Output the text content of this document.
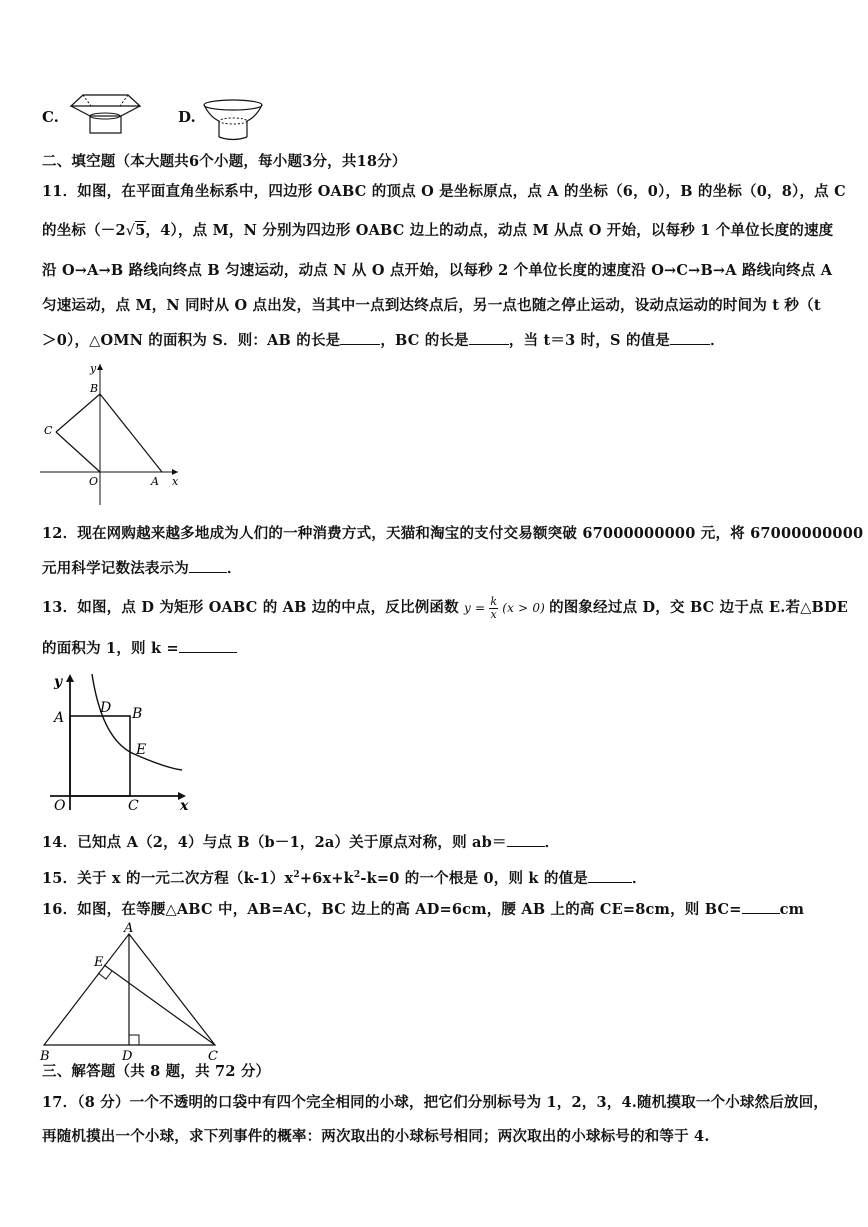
C.	D.
二、填空题（本大题共6个小题，每小题3分，共18分）
11．如图，在平面直角坐标系中，四边形 OABC 的顶点 O 是坐标原点，点 A 的坐标（6，0），B 的坐标（0，8），点 C
的坐标（－2√5，4），点 M，N 分别为四边形 OABC 边上的动点，动点 M 从点 O 开始，以每秒 1 个单位长度的速度
沿 O→A→B 路线向终点 B 匀速运动，动点 N 从 O 点开始，以每秒 2 个单位长度的速度沿 O→C→B→A 路线向终点 A
匀速运动，点 M，N 同时从 O 点出发，当其中一点到达终点后，另一点也随之停止运动，设动点运动的时间为 t 秒（t
＞0），△OMN 的面积为 S．则：AB 的长是	，BC 的长是	，当 t＝3 时，S 的值是	．
y
B
C
O	A x
12．现在网购越来越多地成为人们的一种消费方式，天猫和淘宝的支付交易额突破 67000000000 元，将 67000000000
元用科学记数法表示为	．
13．如图，点 D 为矩形 OABC 的 AB 边的中点，反比例函数 $y = \frac{k}{x} (x > 0)$ 的图象经过点 D，交 BC 边于点 E.若△BDE
的面积为 1，则 k =
y
A
D B
E
O	C	x
14．已知点 A（2，4）与点 B（b－1，2a）关于原点对称，则 ab＝	．
15．关于 x 的一元二次方程$(k-1)x^2+6x+k^2-k=0$ 的一个根是 0，则 k 的值是	．
16．如图，在等腰△ABC 中，AB=AC，BC 边上的高 AD=6cm，腰 AB 上的高 CE=8cm，则 BC=	cm
A
E
B	D	C
三、解答题（共 8 题，共 72 分）
17．（8 分）一个不透明的口袋中有四个完全相同的小球，把它们分别标号为 1，2，3，4.随机摸取一个小球然后放回，
再随机摸出一个小球，求下列事件的概率：两次取出的小球标号相同；两次取出的小球标号的和等于 4.
